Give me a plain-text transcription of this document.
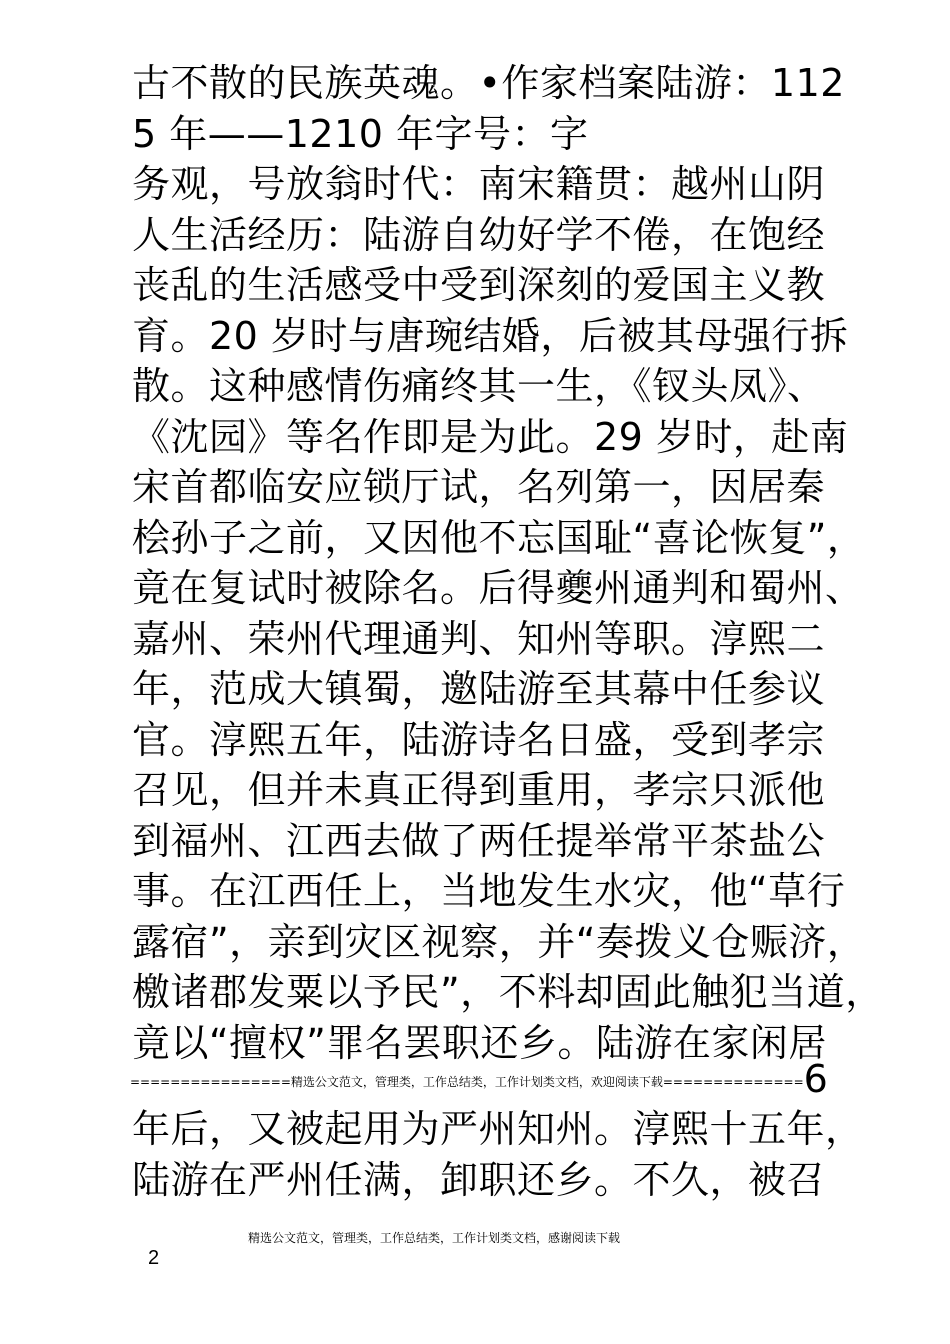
古不散的民族英魂。•作家档案陆游：112
5 年——1210 年字号：字
务观，号放翁时代：南宋籍贯：越州山阴
人生活经历：陆游自幼好学不倦，在饱经
丧乱的生活感受中受到深刻的爱国主义教
育。20 岁时与唐琬结婚，后被其母强行拆
散。这种感情伤痛终其一生，《钗头凤》、
《沈园》等名作即是为此。29 岁时，赴南
宋首都临安应锁厅试，名列第一，因居秦
桧孙子之前，又因他不忘国耻“喜论恢复”，
竟在复试时被除名。后得夔州通判和蜀州、
嘉州、荣州代理通判、知州等职。淳熙二
年，范成大镇蜀，邀陆游至其幕中任参议
官。淳熙五年，陆游诗名日盛，受到孝宗
召见，但并未真正得到重用，孝宗只派他
到福州、江西去做了两任提举常平茶盐公
事。在江西任上，当地发生水灾，他“草行
露宿”，亲到灾区视察，并“奏拨义仓赈济，
檄诸郡发粟以予民”，不料却固此触犯当道，
竟以“擅权”罪名罢职还乡。陆游在家闲居
================精选公文范文，管理类，工作总结类，工作计划类文档，欢迎阅读下载==============6
年后，又被起用为严州知州。淳熙十五年，
陆游在严州任满，卸职还乡。不久，被召
精选公文范文，管理类，工作总结类，工作计划类文档，感谢阅读下载
2
